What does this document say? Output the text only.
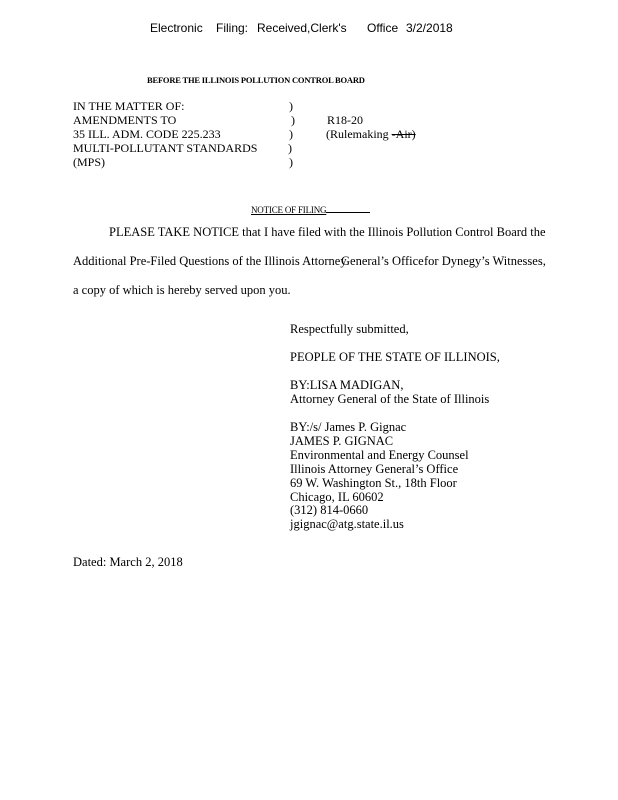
Electronic Filing: Received,Clerk's Office 3/2/2018
BEFORE THE ILLINOIS POLLUTION CONTROL BOARD
IN THE MATTER OF:
AMENDMENTS TO
35 ILL. ADM. CODE 225.233
MULTI-POLLUTANT STANDARDS
(MPS)
)
)
)
)
)
R18-20
(Rulemaking -Air)
NOTICE OF FILING
PLEASE TAKE NOTICE that I have filed with the Illinois Pollution Control Board the
Additional Pre-Filed Questions of the Illinois Attorney
General’s Office for Dynegy’s Witnesses,
a copy of which is hereby served upon you.
Respectfully submitted,
PEOPLE OF THE STATE OF ILLINOIS,
BY:LISA MADIGAN,
Attorney General of the State of Illinois
BY:/s/ James P. Gignac
JAMES P. GIGNAC
Environmental and Energy Counsel
Illinois Attorney General’s Office
69 W. Washington St., 18th Floor
Chicago, IL 60602
(312) 814-0660
jgignac@atg.state.il.us
Dated: March 2, 2018
